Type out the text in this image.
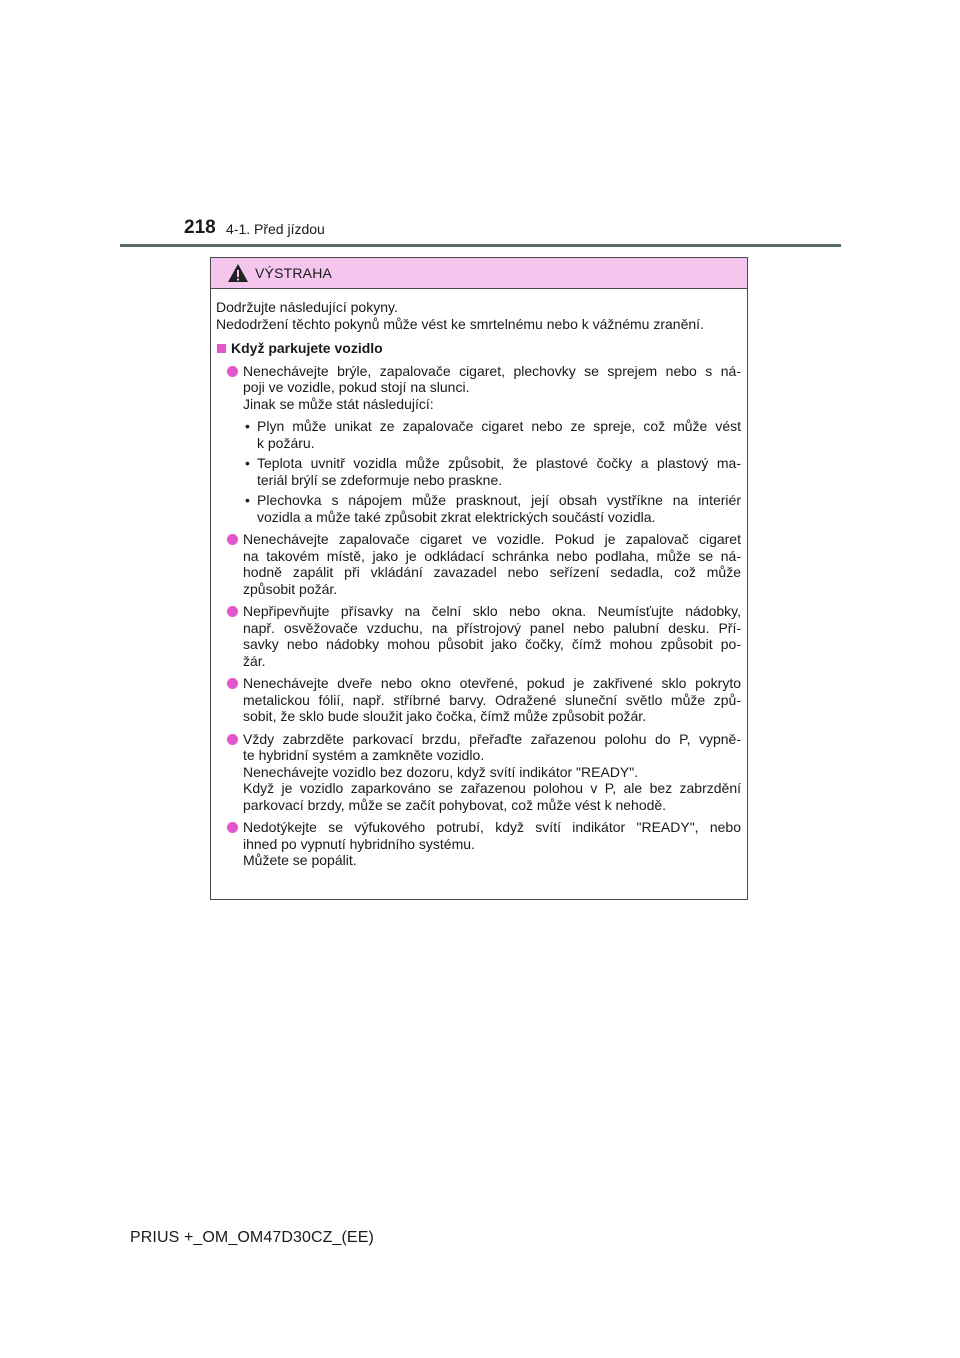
218 4-1. Před jízdou
VÝSTRAHA
Dodržujte následující pokyny.
Nedodržení těchto pokynů může vést ke smrtelnému nebo k vážnému zranění.
Když parkujete vozidlo
Nenechávejte brýle, zapalovače cigaret, plechovky se sprejem nebo s ná-
poji ve vozidle, pokud stojí na slunci.
Jinak se může stát následující:
• Plyn může unikat ze zapalovače cigaret nebo ze spreje, což může vést
k požáru.
• Teplota uvnitř vozidla může způsobit, že plastové čočky a plastový ma-
teriál brýlí se zdeformuje nebo praskne.
• Plechovka s nápojem může prasknout, její obsah vystříkne na interiér
vozidla a může také způsobit zkrat elektrických součástí vozidla.
Nenechávejte zapalovače cigaret ve vozidle. Pokud je zapalovač cigaret
na takovém místě, jako je odkládací schránka nebo podlaha, může se ná-
hodně zapálit při vkládání zavazadel nebo seřízení sedadla, což může
způsobit požár.
Nepřipevňujte přísavky na čelní sklo nebo okna. Neumísťujte nádobky,
např. osvěžovače vzduchu, na přístrojový panel nebo palubní desku. Pří-
savky nebo nádobky mohou působit jako čočky, čímž mohou způsobit po-
žár.
Nenechávejte dveře nebo okno otevřené, pokud je zakřivené sklo pokryto
metalickou fólií, např. stříbrné barvy. Odražené sluneční světlo může způ-
sobit, že sklo bude sloužit jako čočka, čímž může způsobit požár.
Vždy zabrzděte parkovací brzdu, přeřaďte zařazenou polohu do P, vypně-
te hybridní systém a zamkněte vozidlo.
Nenechávejte vozidlo bez dozoru, když svítí indikátor "READY".
Když je vozidlo zaparkováno se zařazenou polohou v P, ale bez zabrzdění
parkovací brzdy, může se začít pohybovat, což může vést k nehodě.
Nedotýkejte se výfukového potrubí, když svítí indikátor "READY", nebo
ihned po vypnutí hybridního systému.
Můžete se popálit.
PRIUS +_OM_OM47D30CZ_(EE)
